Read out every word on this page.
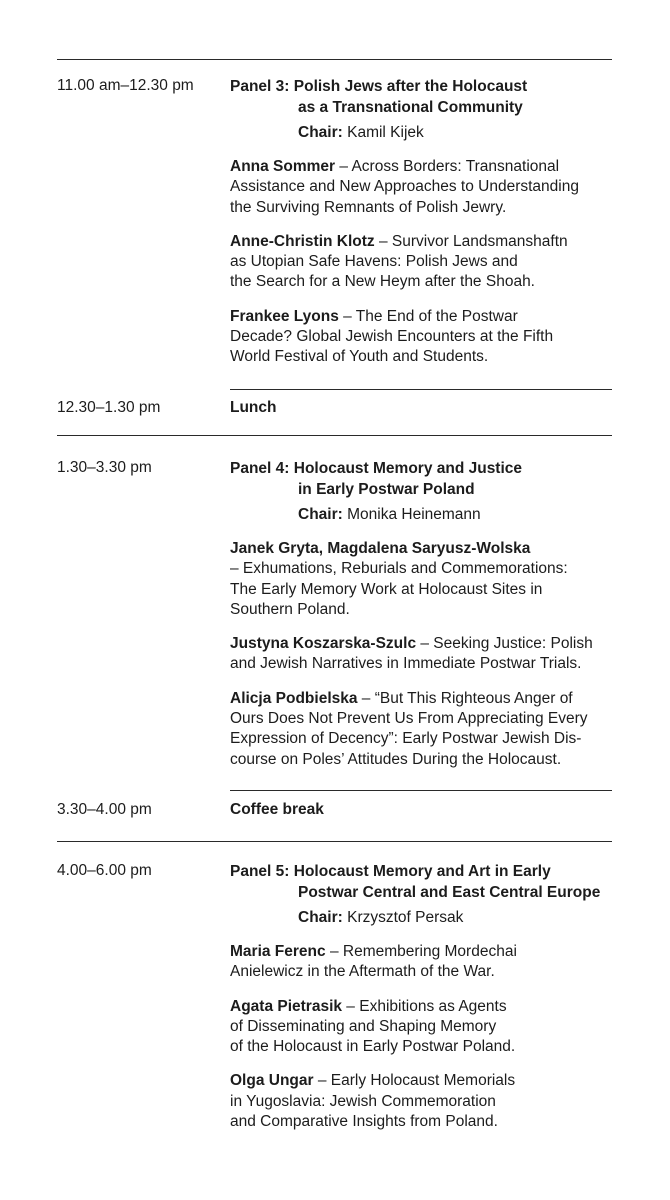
11.00 am–12.30 pm Panel 3: Polish Jews after the Holocaust
as a Transnational Community
Chair: Kamil Kijek
Anna Sommer – Across Borders: Transnational
Assistance and New Approaches to Understanding
the Surviving Remnants of Polish Jewry.
Anne-Christin Klotz – Survivor Landsmanshaftn
as Utopian Safe Havens: Polish Jews and
the Search for a New Heym after the Shoah.
Frankee Lyons – The End of the Postwar
Decade? Global Jewish Encounters at the Fifth
World Festival of Youth and Students.
12.30–1.30 pm	Lunch
1.30–3.30 pm	Panel 4: Holocaust Memory and Justice
in Early Postwar Poland
Chair: Monika Heinemann
Janek Gryta, Magdalena Saryusz-Wolska
– Exhumations, Reburials and Commemorations:
The Early Memory Work at Holocaust Sites in
Southern Poland.
Justyna Koszarska-Szulc – Seeking Justice: Polish
and Jewish Narratives in Immediate Postwar Trials.
Alicja Podbielska – “But This Righteous Anger of
Ours Does Not Prevent Us From Appreciating Every
Expression of Decency”: Early Postwar Jewish Dis-
course on Poles’ Attitudes During the Holocaust.
3.30–4.00 pm	Coffee break
4.00–6.00 pm	Panel 5: Holocaust Memory and Art in Early
Postwar Central and East Central Europe
Chair: Krzysztof Persak
Maria Ferenc – Remembering Mordechai
Anielewicz in the Aftermath of the War.
Agata Pietrasik – Exhibitions as Agents
of Disseminating and Shaping Memory
of the Holocaust in Early Postwar Poland.
Olga Ungar – Early Holocaust Memorials
in Yugoslavia: Jewish Commemoration
and Comparative Insights from Poland.
